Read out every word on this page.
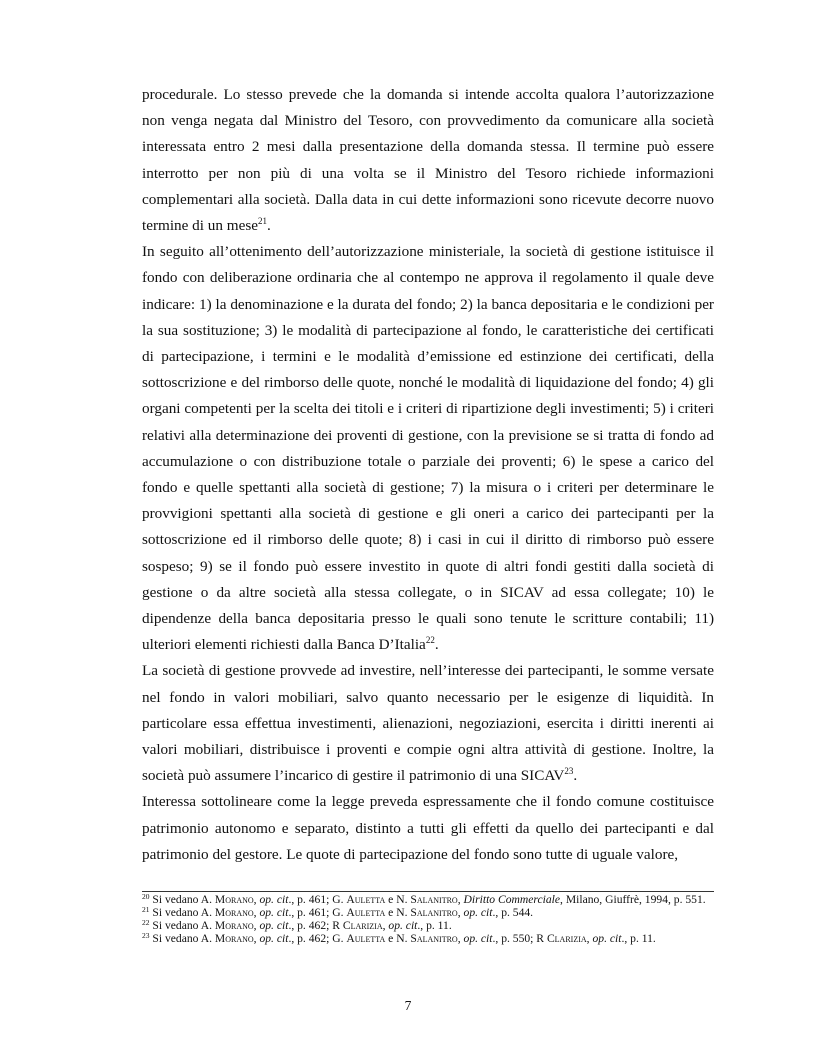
procedurale. Lo stesso prevede che la domanda si intende accolta qualora l’autorizzazione non venga negata dal Ministro del Tesoro, con provvedimento da comunicare alla società interessata entro 2 mesi dalla presentazione della domanda stessa. Il termine può essere interrotto per non più di una volta se il Ministro del Tesoro richiede informazioni complementari alla società. Dalla data in cui dette informazioni sono ricevute decorre nuovo termine di un mese$^{21}$.

In seguito all’ottenimento dell’autorizzazione ministeriale, la società di gestione istituisce il fondo con deliberazione ordinaria che al contempo ne approva il regolamento il quale deve indicare: 1) la denominazione e la durata del fondo; 2) la banca depositaria e le condizioni per la sua sostituzione; 3) le modalità di partecipazione al fondo, le caratteristiche dei certificati di partecipazione, i termini e le modalità d’emissione ed estinzione dei certificati, della sottoscrizione e del rimborso delle quote, nonché le modalità di liquidazione del fondo; 4) gli organi competenti per la scelta dei titoli e i criteri di ripartizione degli investimenti; 5) i criteri relativi alla determinazione dei proventi di gestione, con la previsione se si tratta di fondo ad accumulazione o con distribuzione totale o parziale dei proventi; 6) le spese a carico del fondo e quelle spettanti alla società di gestione; 7) la misura o i criteri per determinare le provvigioni spettanti alla società di gestione e gli oneri a carico dei partecipanti per la sottoscrizione ed il rimborso delle quote; 8) i casi in cui il diritto di rimborso può essere sospeso; 9) se il fondo può essere investito in quote di altri fondi gestiti dalla società di gestione o da altre società alla stessa collegate, o in SICAV ad essa collegate; 10) le dipendenze della banca depositaria presso le quali sono tenute le scritture contabili; 11) ulteriori elementi richiesti dalla Banca D’Italia$^{22}$.

La società di gestione provvede ad investire, nell’interesse dei partecipanti, le somme versate nel fondo in valori mobiliari, salvo quanto necessario per le esigenze di liquidità. In particolare essa effettua investimenti, alienazioni, negoziazioni, esercita i diritti inerenti ai valori mobiliari, distribuisce i proventi e compie ogni altra attività di gestione. Inoltre, la società può assumere l’incarico di gestire il patrimonio di una SICAV$^{23}$.

Interessa sottolineare come la legge preveda espressamente che il fondo comune costituisce patrimonio autonomo e separato, distinto a tutti gli effetti da quello dei partecipanti e dal patrimonio del gestore. Le quote di partecipazione del fondo sono tutte di uguale valore,

$^{20}$ Si vedano A. Morano, op. cit., p. 461; G. Auletta e N. Salanitro, Diritto Commerciale, Milano, Giuffrè, 1994, p. 551.

$^{21}$ Si vedano A. Morano, op. cit., p. 461; G. Auletta e N. Salanitro, op. cit., p. 544.

$^{22}$ Si vedano A. Morano, op. cit., p. 462; R Clarizia, op. cit., p. 11.

$^{23}$ Si vedano A. Morano, op. cit., p. 462; G. Auletta e N. Salanitro, op. cit., p. 550; R Clarizia, op. cit., p. 11.

7
